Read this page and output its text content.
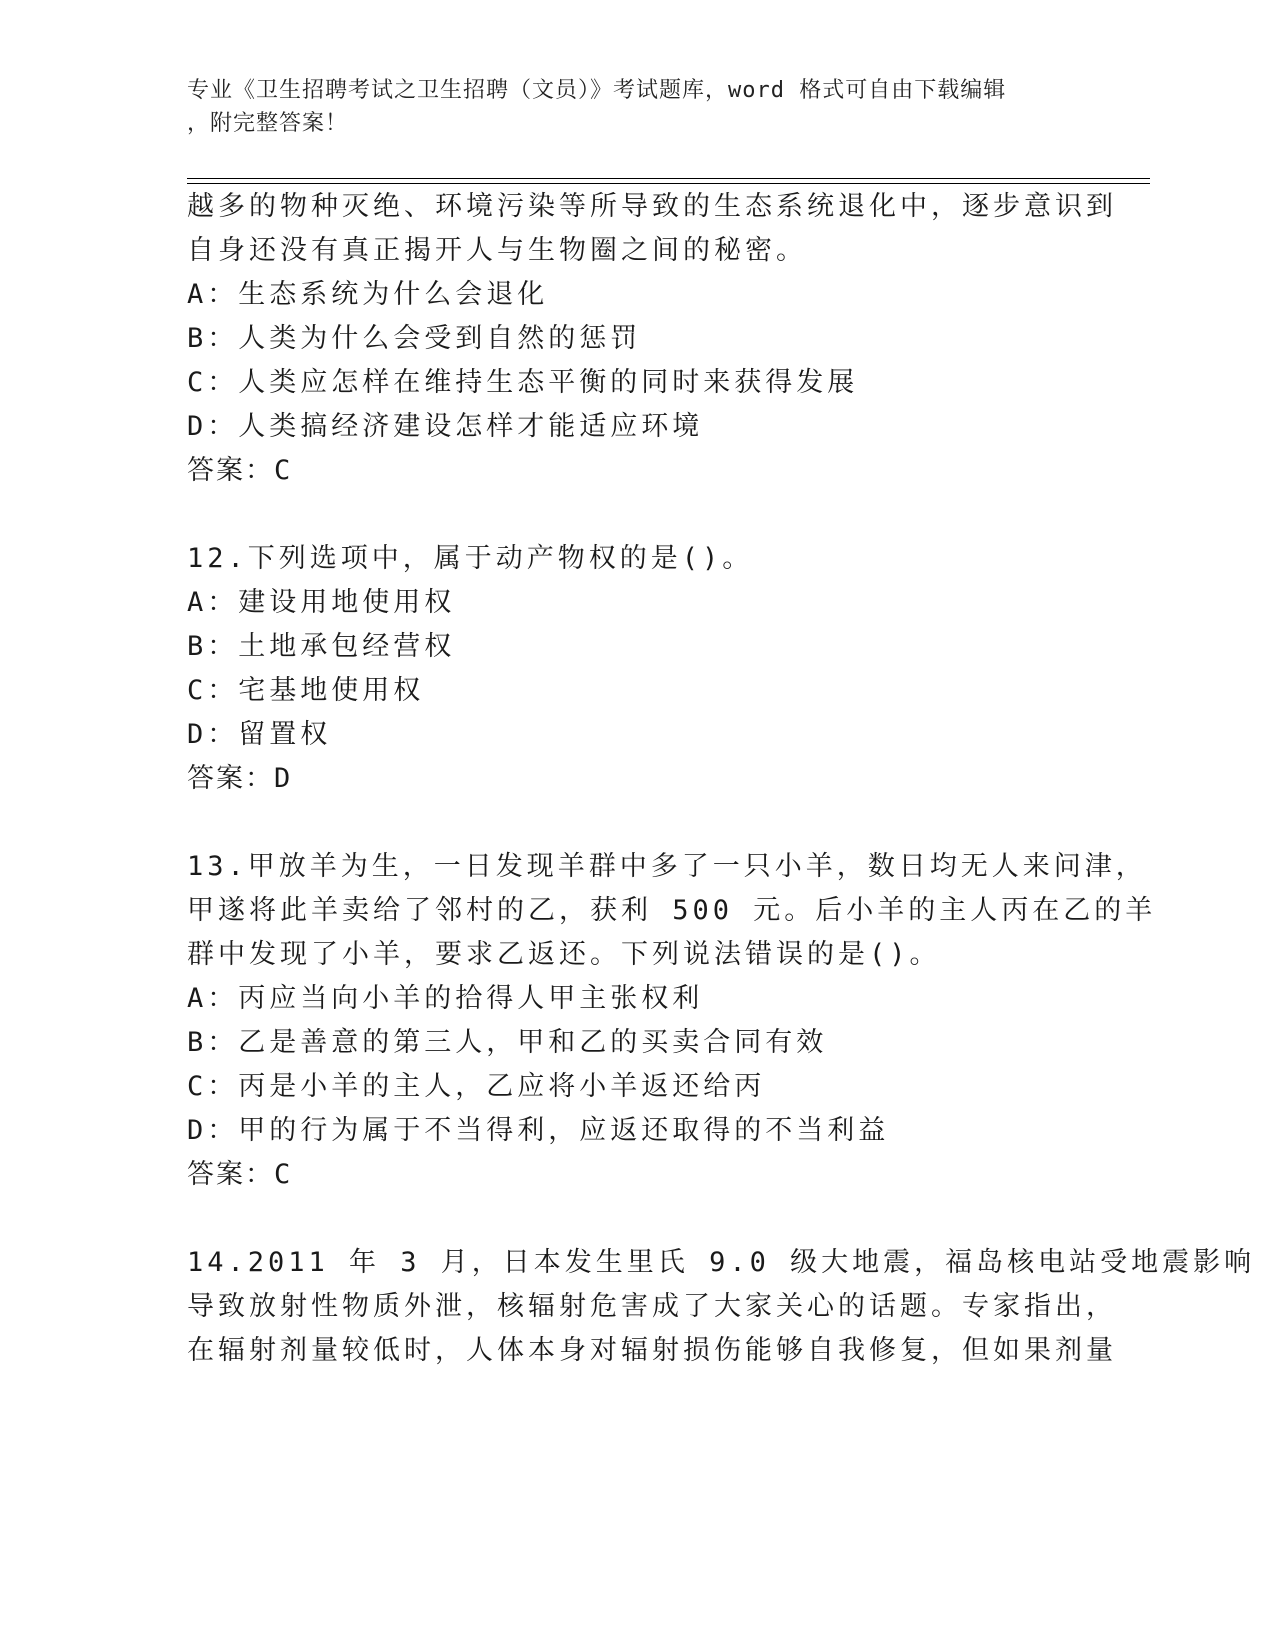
专业《卫生招聘考试之卫生招聘（文员）》考试题库，word 格式可自由下载编辑
，附完整答案！
越多的物种灭绝、环境污染等所导致的生态系统退化中，逐步意识到
自身还没有真正揭开人与生物圈之间的秘密。
A：生态系统为什么会退化
B：人类为什么会受到自然的惩罚
C：人类应怎样在维持生态平衡的同时来获得发展
D：人类搞经济建设怎样才能适应环境
答案：C
12.下列选项中，属于动产物权的是()。
A：建设用地使用权
B：土地承包经营权
C：宅基地使用权
D：留置权
答案：D
13.甲放羊为生，一日发现羊群中多了一只小羊，数日均无人来问津，
甲遂将此羊卖给了邻村的乙，获利 500 元。后小羊的主人丙在乙的羊
群中发现了小羊，要求乙返还。下列说法错误的是()。
A：丙应当向小羊的拾得人甲主张权利
B：乙是善意的第三人，甲和乙的买卖合同有效
C：丙是小羊的主人，乙应将小羊返还给丙
D：甲的行为属于不当得利，应返还取得的不当利益
答案：C
14.2011 年 3 月，日本发生里氏 9.0 级大地震，福岛核电站受地震影响
导致放射性物质外泄，核辐射危害成了大家关心的话题。专家指出，
在辐射剂量较低时，人体本身对辐射损伤能够自我修复，但如果剂量
